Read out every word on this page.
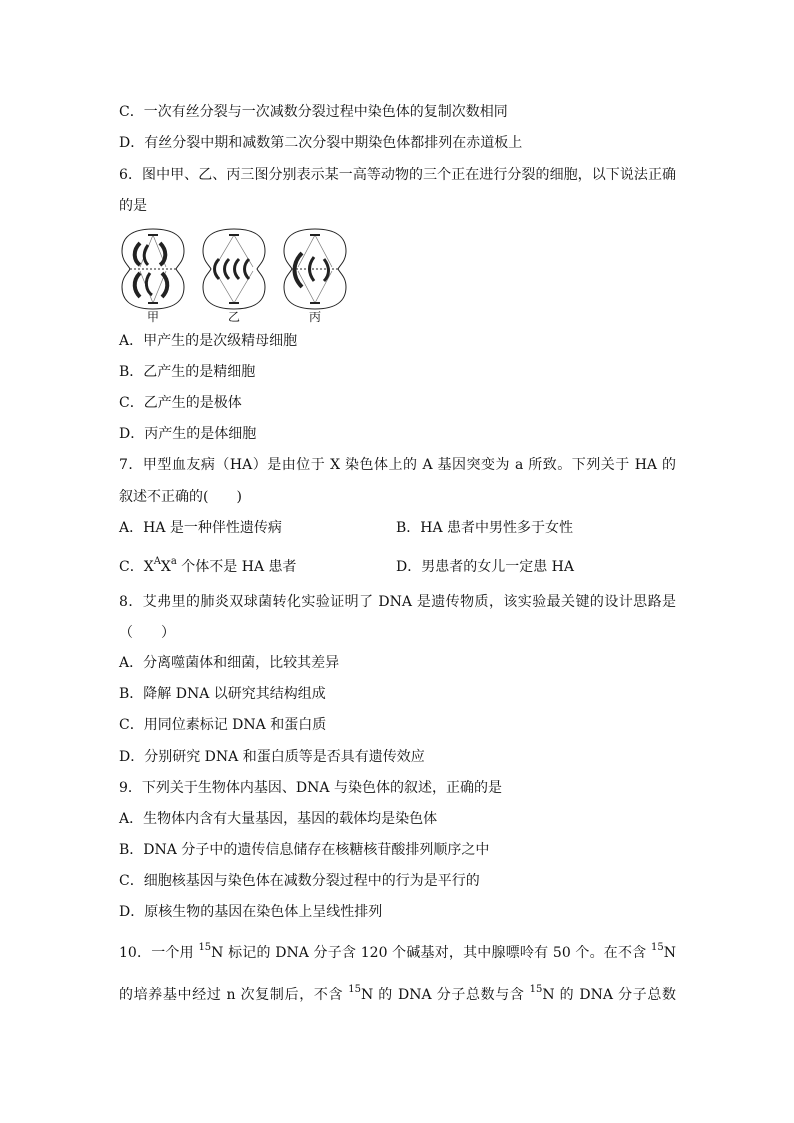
C．一次有丝分裂与一次减数分裂过程中染色体的复制次数相同
D．有丝分裂中期和减数第二次分裂中期染色体都排列在赤道板上
6．图中甲、乙、丙三图分别表示某一高等动物的三个正在进行分裂的细胞，以下说法正确
的是
甲	乙	丙
A．甲产生的是次级精母细胞
B．乙产生的是精细胞
C．乙产生的是极体
D．丙产生的是体细胞
7．甲型血友病（HA）是由位于 X 染色体上的 A 基因突变为 a 所致。下列关于 HA 的
叙述不正确的(　　)
A．HA 是一种伴性遗传病	B．HA 患者中男性多于女性
C．$X^AX^a$ 个体不是 HA 患者	D．男患者的女儿一定患 HA
8．艾弗里的肺炎双球菌转化实验证明了 DNA 是遗传物质，该实验最关键的设计思路是
（　　）
A．分离噬菌体和细菌，比较其差异
B．降解 DNA 以研究其结构组成
C．用同位素标记 DNA 和蛋白质
D．分别研究 DNA 和蛋白质等是否具有遗传效应
9．下列关于生物体内基因、DNA 与染色体的叙述，正确的是
A．生物体内含有大量基因，基因的载体均是染色体
B．DNA 分子中的遗传信息储存在核糖核苷酸排列顺序之中
C．细胞核基因与染色体在减数分裂过程中的行为是平行的
D．原核生物的基因在染色体上呈线性排列
10．一个用 $^{15}$N 标记的 DNA 分子含 120 个碱基对，其中腺嘌呤有 50 个。在不含 $^{15}$N
的培养基中经过 n 次复制后，不含 $^{15}$N 的 DNA 分子总数与含 $^{15}$N 的 DNA 分子总数
